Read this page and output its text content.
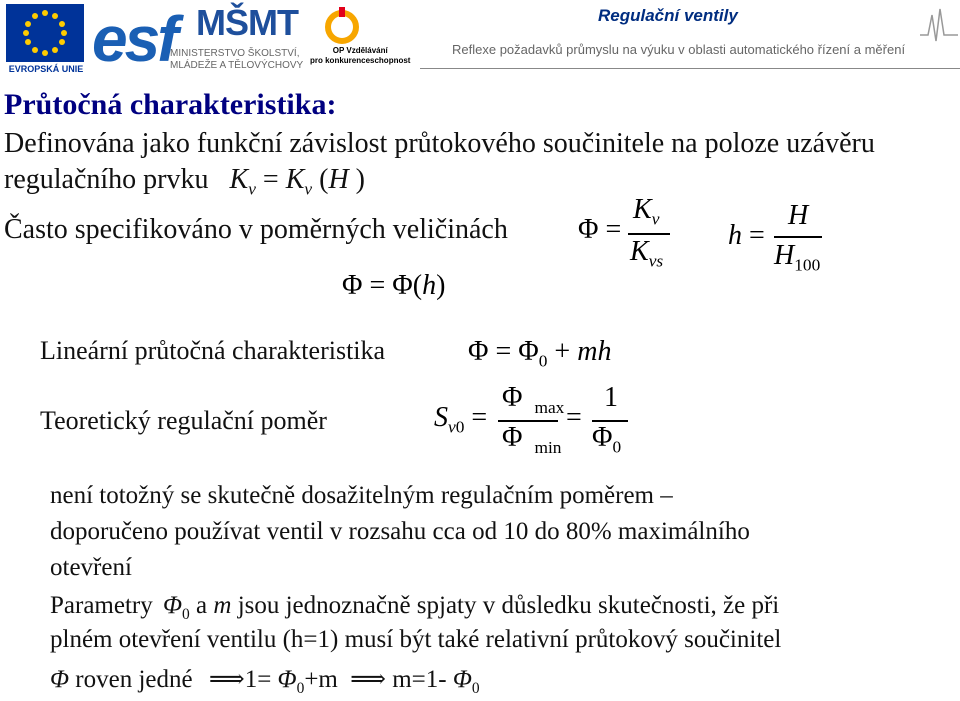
EVROPSKÁ UNIE esf MŠMT
MINISTERSTVO ŠKOLSTVÍ,
MLÁDEŽE A TĚLOVÝCHOVY
OP Vzdělávání
pro konkurenceschopnost
Regulační ventily
Reflexe požadavků průmyslu na výuku v oblasti automatického řízení a měření
Průtočná charakteristika:
Definována jako funkční závislost průtokového součinitele na poloze uzávěru
regulačního prvku $K_v = K_v$ (H )
Často specifikováno v poměrných veličinách	Φ =
$K_v$
$K_{vs}$
h =
H
$H_{100}$
Φ = Φ(h)
Lineární průtočná charakteristika	$\Phi = \Phi_0$ + mh
Teoretický regulační poměr	$S_{v0}$ =
Φ $_{max}$
Φ $_{min}$
=
1
$\Phi_0$
není totožný se skutečně dosažitelným regulačním poměrem –
doporučeno používat ventil v rozsahu cca od 10 do 80% maximálního
otevření
Parametry $\Phi_0$ a m jsou jednoznačně spjaty v důsledku skutečnosti, že při
plném otevření ventilu (h=1) musí být také relativní průtokový součinitel
Φ roven jedné ⟹1= $\Phi_0+m$ ⟹ m=1- $\Phi_0$
